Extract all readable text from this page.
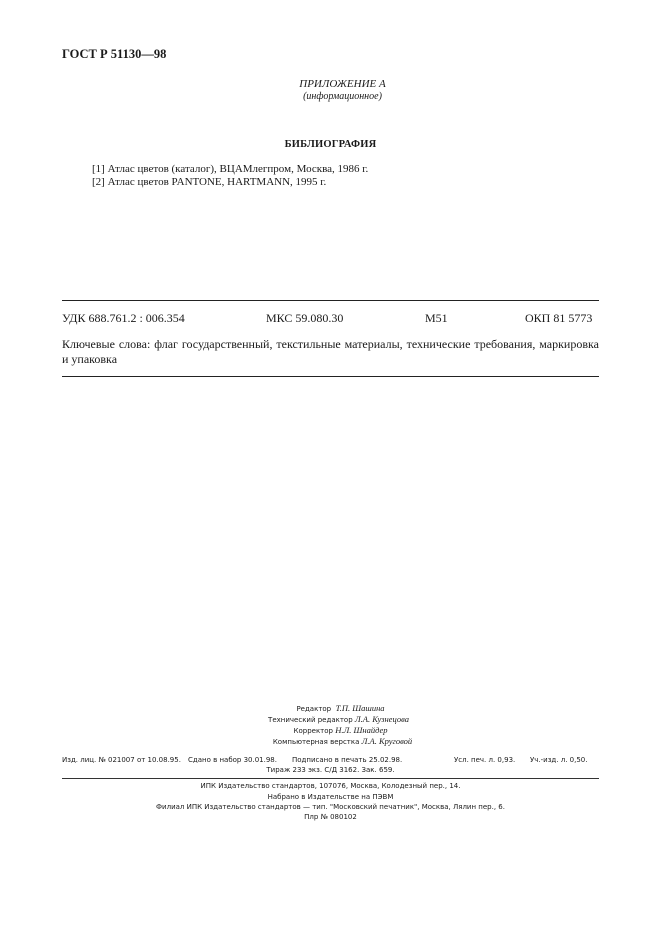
ГОСТ Р 51130—98
ПРИЛОЖЕНИЕ А
(информационное)
БИБЛИОГРАФИЯ
[1] Атлас цветов (каталог), ВЦАМлегпром, Москва, 1986 г.
[2] Атлас цветов PANTONE, HARTMANN, 1995 г.
УДК 688.761.2 : 006.354	МКС 59.080.30	М51	ОКП 81 5773
Ключевые слова: флаг государственный, текстильные материалы, технические требования, маркировка и упаковка
Редактор Т.П. Шашина
Технический редактор Л.А. Кузнецова
Корректор Н.Л. Шнайдер
Компьютерная верстка Л.А. Круговой
Изд. лиц. № 021007 от 10.08.95. Сдано в набор 30.01.98. Подписано в печать 25.02.98.	Усл. печ. л. 0,93. Уч.-изд. л. 0,50.
Тираж 233 экз. С/Д 3162. Зак. 659.
ИПК Издательство стандартов, 107076, Москва, Колодезный пер., 14.
Набрано в Издательстве на ПЭВМ
Филиал ИПК Издательство стандартов — тип. "Московский печатник", Москва, Лялин пер., 6.
Плр № 080102
